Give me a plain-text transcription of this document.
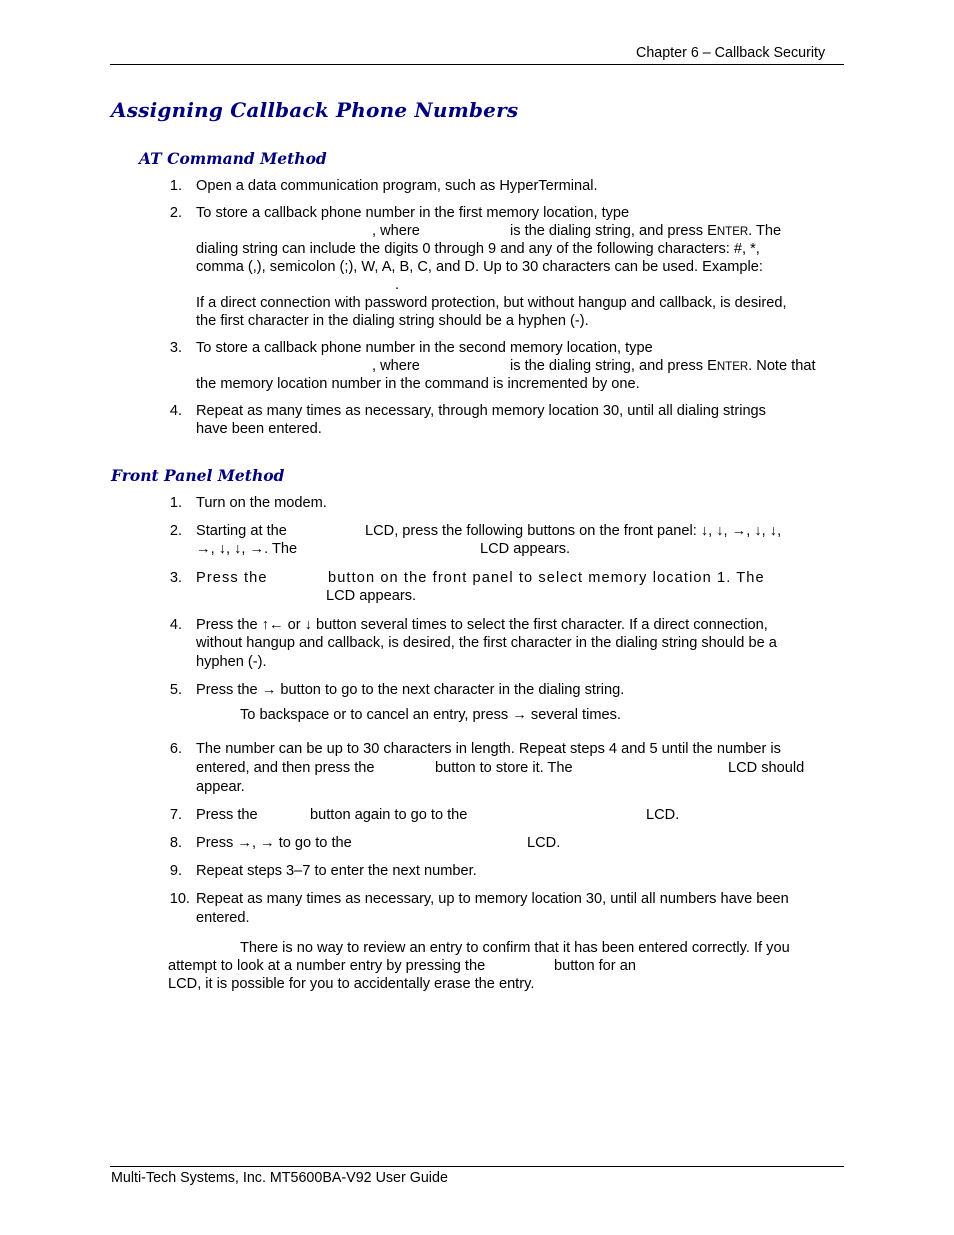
Chapter 6 – Callback Security
Assigning Callback Phone Numbers
AT Command Method
1. Open a data communication program, such as HyperTerminal.
2. To store a callback phone number in the first memory location, type
, where	is the dialing string, and press ENTER. The
dialing string can include the digits 0 through 9 and any of the following characters: #, *,
comma (,), semicolon (;), W, A, B, C, and D. Up to 30 characters can be used. Example:
.
If a direct connection with password protection, but without hangup and callback, is desired,
the first character in the dialing string should be a hyphen (-).
3. To store a callback phone number in the second memory location, type
, where	is the dialing string, and press ENTER. Note that
the memory location number in the command is incremented by one.
4. Repeat as many times as necessary, through memory location 30, until all dialing strings
have been entered.
Front Panel Method
1. Turn on the modem.
2. Starting at the	LCD, press the following buttons on the front panel: ↓, ↓, →, ↓, ↓,
→, ↓, ↓, →. The	LCD appears.
3. Press the	button on the front panel to select memory location 1. The
LCD appears.
4. Press the ↑← or ↓ button several times to select the first character. If a direct connection,
without hangup and callback, is desired, the first character in the dialing string should be a
hyphen (-).
5. Press the → button to go to the next character in the dialing string.
To backspace or to cancel an entry, press → several times.
6. The number can be up to 30 characters in length. Repeat steps 4 and 5 until the number is
entered, and then press the	button to store it. The	LCD should
appear.
7. Press the	button again to go to the	LCD.
8. Press →, → to go to the	LCD.
9. Repeat steps 3–7 to enter the next number.
10. Repeat as many times as necessary, up to memory location 30, until all numbers have been
entered.
There is no way to review an entry to confirm that it has been entered correctly. If you
attempt to look at a number entry by pressing the	button for an
LCD, it is possible for you to accidentally erase the entry.
Multi-Tech Systems, Inc. MT5600BA-V92 User Guide
